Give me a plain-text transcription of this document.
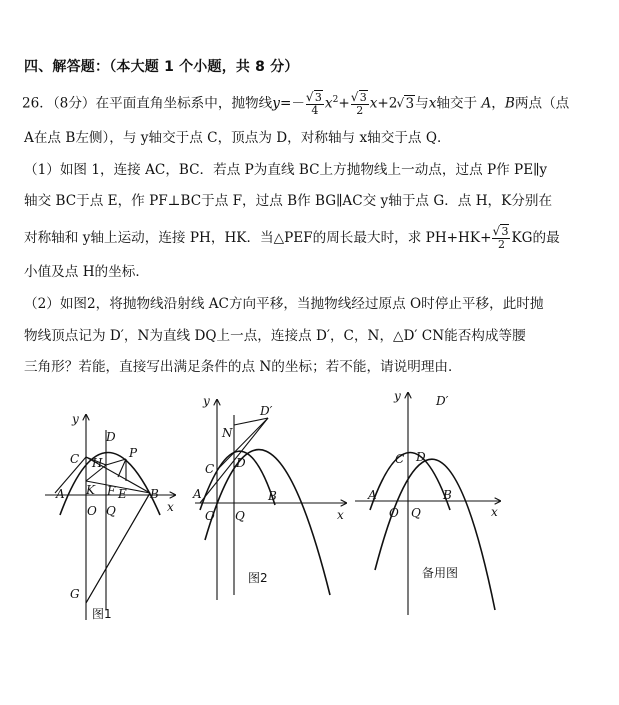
四、解答题：（本大题 1 个小题，共 8 分）
26．（8分）在平面直角坐标系中，抛物线y=－
√ $\frac{3}{4} x^2+$
√ $\frac{3}{2} x+2√$ 3与x轴交于 A，B两点（点
A在点 B左侧），与 y轴交于点 C，顶点为 D，对称轴与 x轴交于点 Q．
（1）如图 1，连接 AC，BC．若点 P为直线 BC上方抛物线上一动点，过点 P作 PE∥y
轴交 BC于点 E，作 PF⊥BC于点 F，过点 B作 BG∥AC交 y轴于点 G．点 H，K分别在
对称轴和 y轴上运动，连接 PH，HK．当△PEF的周长最大时，求 PH+HK+
√ $\frac{3}{2}$ KG的最
小值及点 H的坐标．
（2）如图2，将抛物线沿射线 AC方向平移，当抛物线经过原点 O时停止平移，此时抛
物线顶点记为 D′，N为直线 DQ上一点，连接点 D′，C，N，△D′ CN能否构成等腰
三角形？若能，直接写出满足条件的点 N的坐标；若不能，请说明理由．
y
D
C H
P
K F E
A	B
x
O Q
G
图1
y
D′
N
C D
A	B
O Q	x
图2
y	D′
C D
A	B
O Q	x
备用图
